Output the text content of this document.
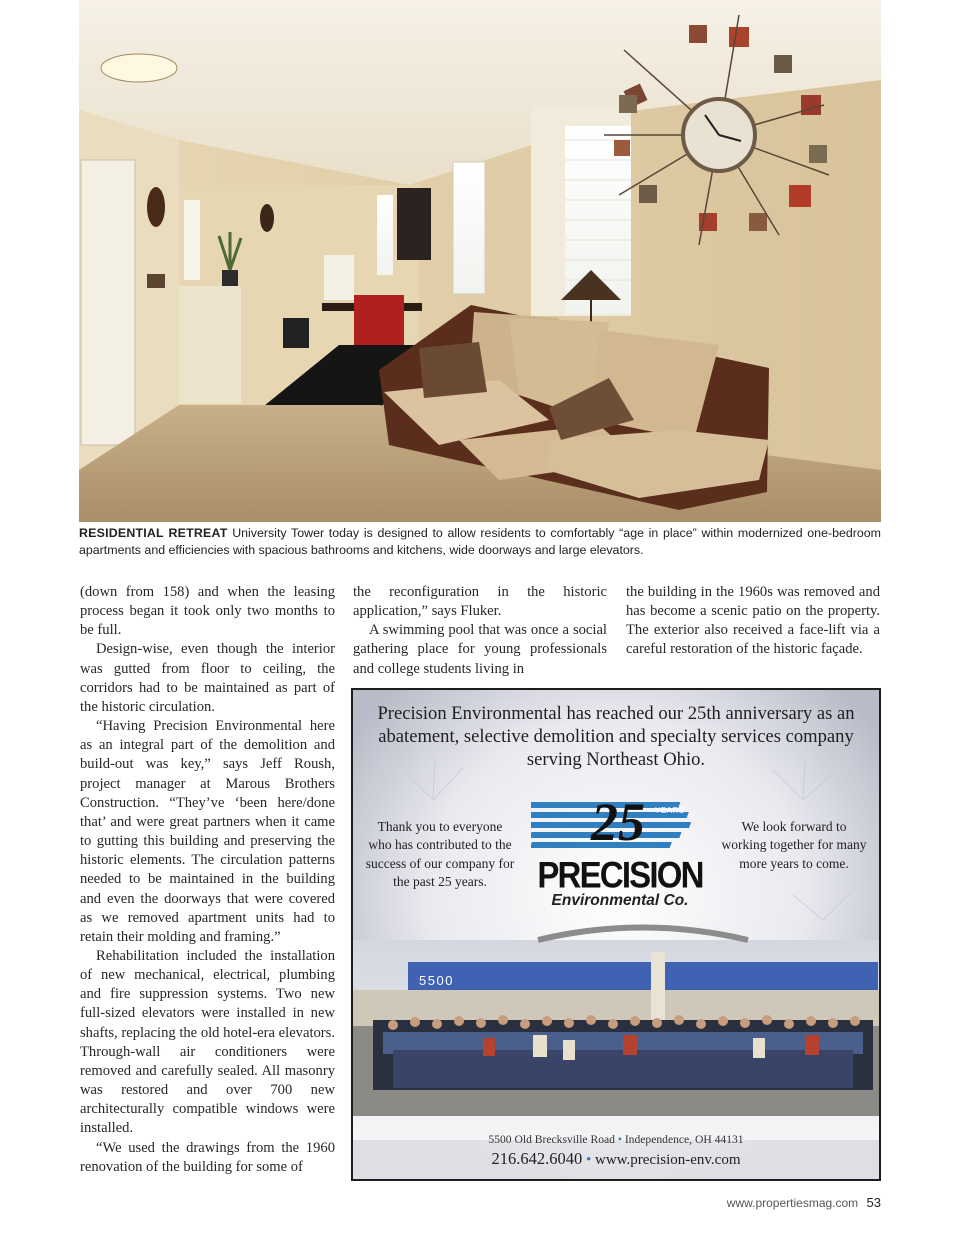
RESIDENTIAL RETREAT University Tower today is designed to allow residents to comfortably “age in place” within modernized one-bedroom apartments and efficiencies with spacious bathrooms and kitchens, wide doorways and large elevators.

(down from 158) and when the leasing process began it took only two months to be full.

Design-wise, even though the interior was gutted from floor to ceiling, the corridors had to be maintained as part of the historic circulation.

“Having Precision Environmental here as an integral part of the demolition and build-out was key,” says Jeff Roush, project manager at Marous Brothers Construction. “They’ve ‘been here/done that’ and were great partners when it came to gutting this building and preserving the historic elements. The circulation patterns needed to be maintained in the building and even the doorways that were covered as we removed apartment units had to retain their molding and framing.”

Rehabilitation included the installation of new mechanical, electrical, plumbing and fire suppression systems. Two new full-sized elevators were installed in new shafts, replacing the old hotel-era elevators. Through-wall air conditioners were removed and carefully sealed. All masonry was restored and over 700 new architecturally compatible windows were installed.

“We used the drawings from the 1960 renovation of the building for some of

the reconfiguration in the historic application,” says Fluker.

A swimming pool that was once a social gathering place for young professionals and college students living in

the building in the 1960s was removed and has become a scenic patio on the property. The exterior also received a face-lift via a careful restoration of the historic façade.

5500
Precision Environmental has reached our 25th anniversary as an abatement, selective demolition and specialty services company serving Northeast Ohio.
Thank you to everyone who has contributed to the success of our company for the past 25 years.
We look forward to working together for many more years to come.
25 YEARS
PRECISION
Environmental Co.
5500 Old Brecksville Road • Independence, OH 44131
216.642.6040 • www.precision-env.com
www.propertiesmag.com 53
